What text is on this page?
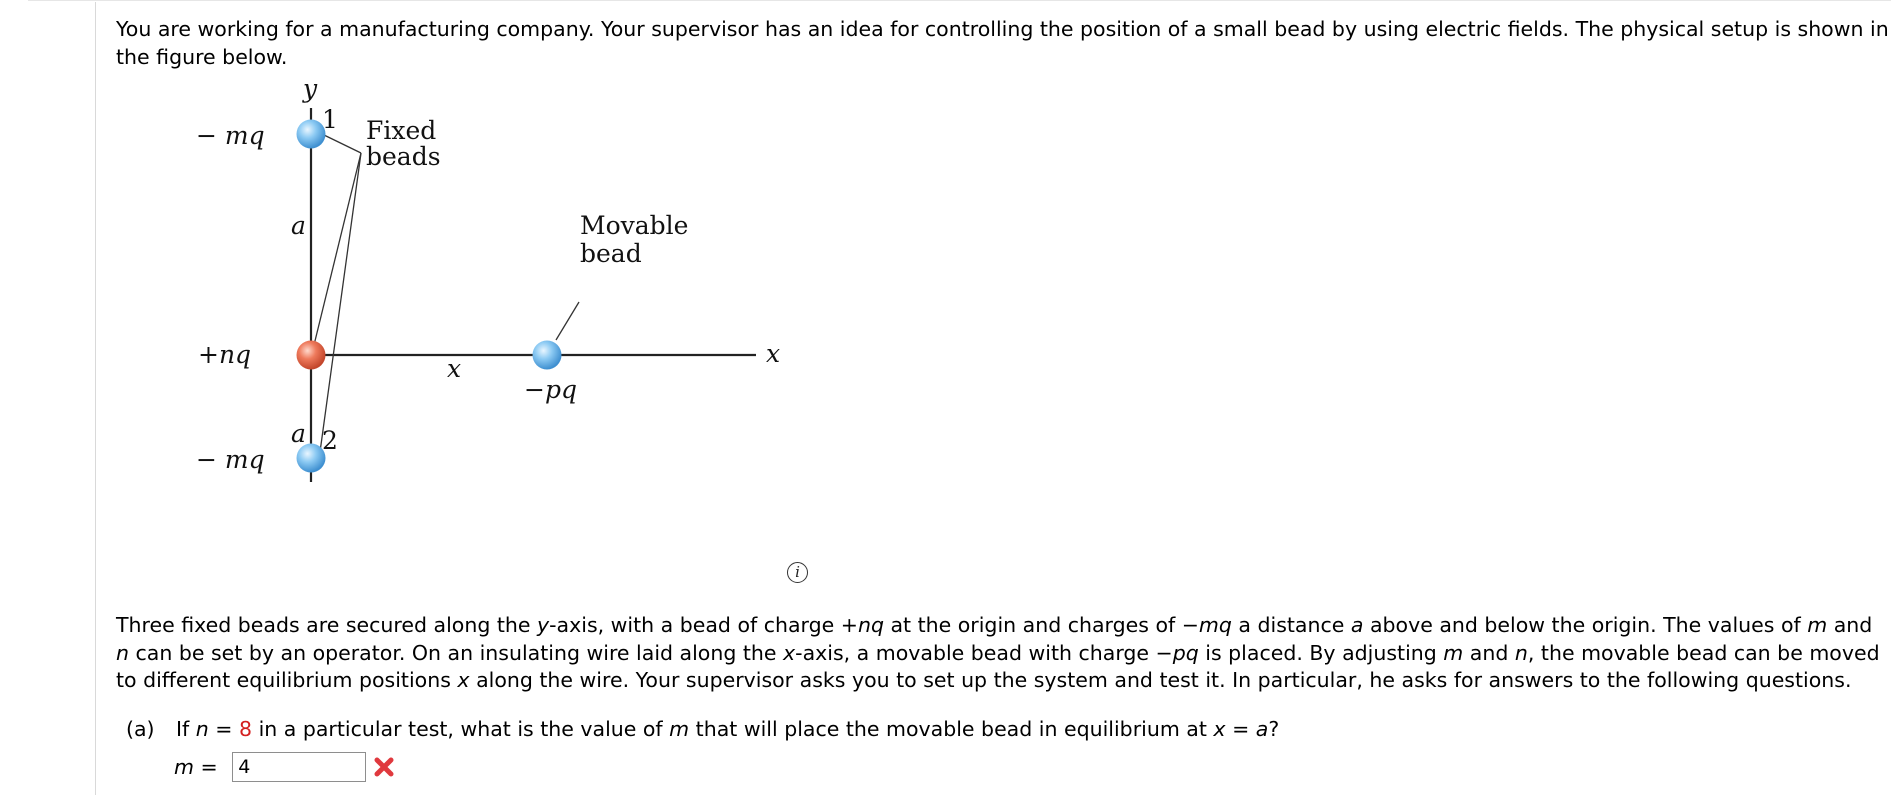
You are working for a manufacturing company. Your supervisor has an idea for controlling the position of a small bead by using electric fields. The physical setup is shown in the figure below.
y
1
− mq	Fixed
beads
a	Movable
bead
+nq	x
x
−pq
a 2
− mq
i
Three fixed beads are secured along the y-axis, with a bead of charge +nq at the origin and charges of −mq a distance a above and below the origin. The values of m and n can be set by an operator. On an insulating wire laid along the x-axis, a movable bead with charge −pq is placed. By adjusting m and n, the movable bead can be moved to different equilibrium positions x along the wire. Your supervisor asks you to set up the system and test it. In particular, he asks for answers to the following questions.
(a) If n = 8 in a particular test, what is the value of m that will place the movable bead in equilibrium at x = a?
m =
4
